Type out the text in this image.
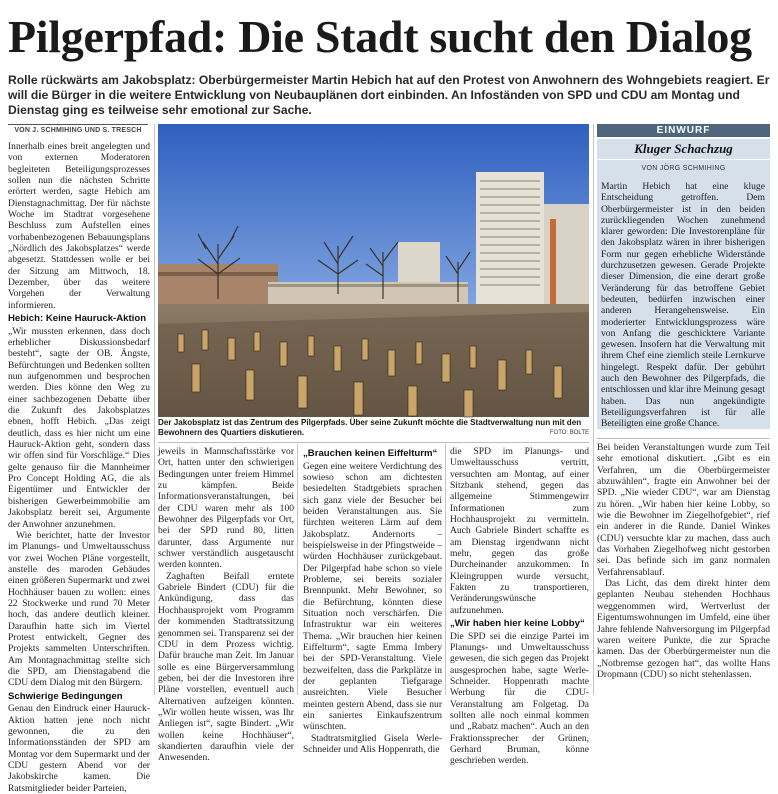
Pilgerpfad: Die Stadt sucht den Dialog

Rolle rückwärts am Jakobsplatz: Oberbürgermeister Martin Hebich hat auf den Protest von Anwohnern des Wohngebiets reagiert. Er will die Bürger in die weitere Entwicklung von Neubauplänen dort einbinden. An Infoständen von SPD und CDU am Montag und Dienstag ging es teilweise sehr emotional zur Sache.

VON J. SCHMIHING UND S. TRESCH

Innerhalb eines breit angelegten und von externen Moderatoren begleiteten Beteiligungsprozesses sollen nun die nächsten Schritte erörtert werden, sagte Hebich am Dienstagnachmittag. Der für nächste Woche im Stadtrat vorgesehene Beschluss zum Aufstellen eines vorhabenbezogenen Bebauungsplans „Nördlich des Jakobsplatzes“ werde abgesetzt. Stattdessen wolle er bei der Sitzung am Mittwoch, 18. Dezember, über das weitere Vorgehen der Verwaltung informieren.

Hebich: Keine Hauruck-Aktion

„Wir mussten erkennen, dass doch erheblicher Diskussionsbedarf besteht“, sagte der OB. Ängste, Befürchtungen und Bedenken sollten nun aufgenommen und besprochen werden. Dies könne den Weg zu einer sachbezogenen Debatte über die Zukunft des Jakobsplatzes ebnen, hofft Hebich. „Das zeigt deutlich, dass es hier nicht um eine Hauruck-Aktion geht, sondern dass wir offen sind für Vorschläge.“ Dies gelte genauso für die Mannheimer Pro Concept Holding AG, die als Eigentümer und Entwickler der bisherigen Gewerbeimmobilie am Jakobsplatz bereit sei, Argumente der Anwohner anzunehmen.

Wie berichtet, hatte der Investor im Planungs- und Umweltausschuss vor zwei Wochen Pläne vorgestellt, anstelle des maroden Gebäudes einen größeren Supermarkt und zwei Hochhäuser bauen zu wollen: eines 22 Stockwerke und rund 70 Meter hoch, das andere deutlich kleiner. Daraufhin hatte sich im Viertel Protest entwickelt, Gegner des Projekts sammelten Unterschriften. Am Montagnachmittag stellte sich die SPD, am Dienstagabend die CDU dem Dialog mit den Bürgern.

Schwierige Bedingungen

Genau den Eindruck einer Hauruck-Aktion hatten jene noch nicht gewonnen, die zu den Informationsständen der SPD am Montag vor dem Supermarkt und der CDU gestern Abend vor der Jakobskirche kamen. Die Ratsmitglieder beider Parteien,

Der Jakobsplatz ist das Zentrum des Pilgerpfads. Über seine Zukunft möchte die Stadtverwaltung nun mit den Bewohnern des Quartiers diskutieren.	FOTO: BOLTE

jeweils in Mannschaftsstärke vor Ort, hatten unter den schwierigen Bedingungen unter freiem Himmel zu kämpfen. Beide Informationsveranstaltungen, bei der CDU waren mehr als 100 Bewohner des Pilgerpfads vor Ort, bei der SPD rund 80, litten darunter, dass Argumente nur schwer verständlich ausgetauscht werden konnten.

Zaghaften Beifall erntete Gabriele Bindert (CDU) für die Ankündigung, dass das Hochhausprojekt vom Programm der kommenden Stadtratssitzung genommen sei. Transparenz sei der CDU in dem Prozess wichtig. Dafür brauche man Zeit. Im Januar solle es eine Bürgerversammlung geben, bei der die Investoren ihre Pläne vorstellen, eventuell auch Alternativen aufzeigen könnten. „Wir wollen heute wissen, was Ihr Anliegen ist“, sagte Bindert. „Wir wollen keine Hochhäuser“, skandierten daraufhin viele der Anwesenden.

„Brauchen keinen Eiffelturm“

Gegen eine weitere Verdichtung des sowieso schon am dichtesten besiedelten Stadtgebiets sprachen sich ganz viele der Besucher bei beiden Veranstaltungen aus. Sie fürchten weiteren Lärm auf dem Jakobsplatz. Andernorts – beispielsweise in der Pfingstweide – würden Hochhäuser zurückgebaut. Der Pilgerpfad habe schon so viele Probleme, sei bereits sozialer Brennpunkt. Mehr Bewohner, so die Befürchtung, könnten diese Situation noch verschärfen. Die Infrastruktur war ein weiteres Thema. „Wir brauchen hier keinen Eiffelturm“, sagte Emma Imbery bei der SPD-Veranstaltung. Viele bezweifelten, dass die Parkplätze in der geplanten Tiefgarage ausreichten. Viele Besucher meinten gestern Abend, dass sie nur ein saniertes Einkaufszentrum wünschten.

Stadtratsmitglied Gisela Werle-Schneider und Alis Hoppenrath, die

die SPD im Planungs- und Umweltausschuss vertritt, versuchten am Montag, auf einer Sitzbank stehend, gegen das allgemeine Stimmengewirr Informationen zum Hochhausprojekt zu vermitteln. Auch Gabriele Bindert schaffte es am Dienstag irgendwann nicht mehr, gegen das große Durcheinander anzukommen. In Kleingruppen wurde versucht, Fakten zu transportieren, Veränderungswünsche aufzunehmen.

„Wir haben hier keine Lobby“

Die SPD sei die einzige Partei im Planungs- und Umweltausschuss gewesen, die sich gegen das Projekt ausgesprochen habe, sagte Werle-Schneider. Hoppenrath machte Werbung für die CDU-Veranstaltung am Folgetag. Da sollten alle noch einmal kommen und „Rabatz machen“. Auch an den Fraktionssprecher der Grünen, Gerhard Bruman, könne geschrieben werden.

EINWURF
Kluger Schachzug
VON JÖRG SCHMIHING
Martin Hebich hat eine kluge Entscheidung getroffen. Dem Oberbürgermeister ist in den beiden zurückliegenden Wochen zunehmend klarer geworden: Die Investorenpläne für den Jakobsplatz wären in ihrer bisherigen Form nur gegen erhebliche Widerstände durchzusetzen gewesen. Gerade Projekte dieser Dimension, die eine derart große Veränderung für das betroffene Gebiet bedeuten, bedürfen inzwischen einer anderen Herangehensweise. Ein moderierter Entwicklungsprozess wäre von Anfang die geschicktere Variante gewesen. Insofern hat die Verwaltung mit ihrem Chef eine ziemlich steile Lernkurve hingelegt. Respekt dafür. Der gebührt auch den Bewohner des Pilgerpfads, die entschlossen und klar ihre Meinung gesagt haben. Das nun angekündigte Beteiligungsverfahren ist für alle Beteiligten eine große Chance.

Bei beiden Veranstaltungen wurde zum Teil sehr emotional diskutiert. „Gibt es ein Verfahren, um die Oberbürgermeister abzuwählen“, fragte ein Anwohner bei der SPD. „Nie wieder CDU“, war am Dienstag zu hören. „Wir haben hier keine Lobby, so wie die Bewohner im Ziegelhofgebiet“, rief ein anderer in die Runde. Daniel Winkes (CDU) versuchte klar zu machen, dass auch das Vorhaben Ziegelhofweg nicht gestorben sei. Das befinde sich im ganz normalen Verfahrensablauf.

Das Licht, das dem direkt hinter dem geplanten Neubau stehenden Hochhaus weggenommen wird, Wertverlust der Eigentumswohnungen im Umfeld, eine über Jahre fehlende Nahversorgung im Pilgerpfad waren weitere Punkte, die zur Sprache kamen. Das der Oberbürgermeister nun die „Notbremse gezogen hat“, das wollte Hans Dropmann (CDU) so nicht stehenlassen.
